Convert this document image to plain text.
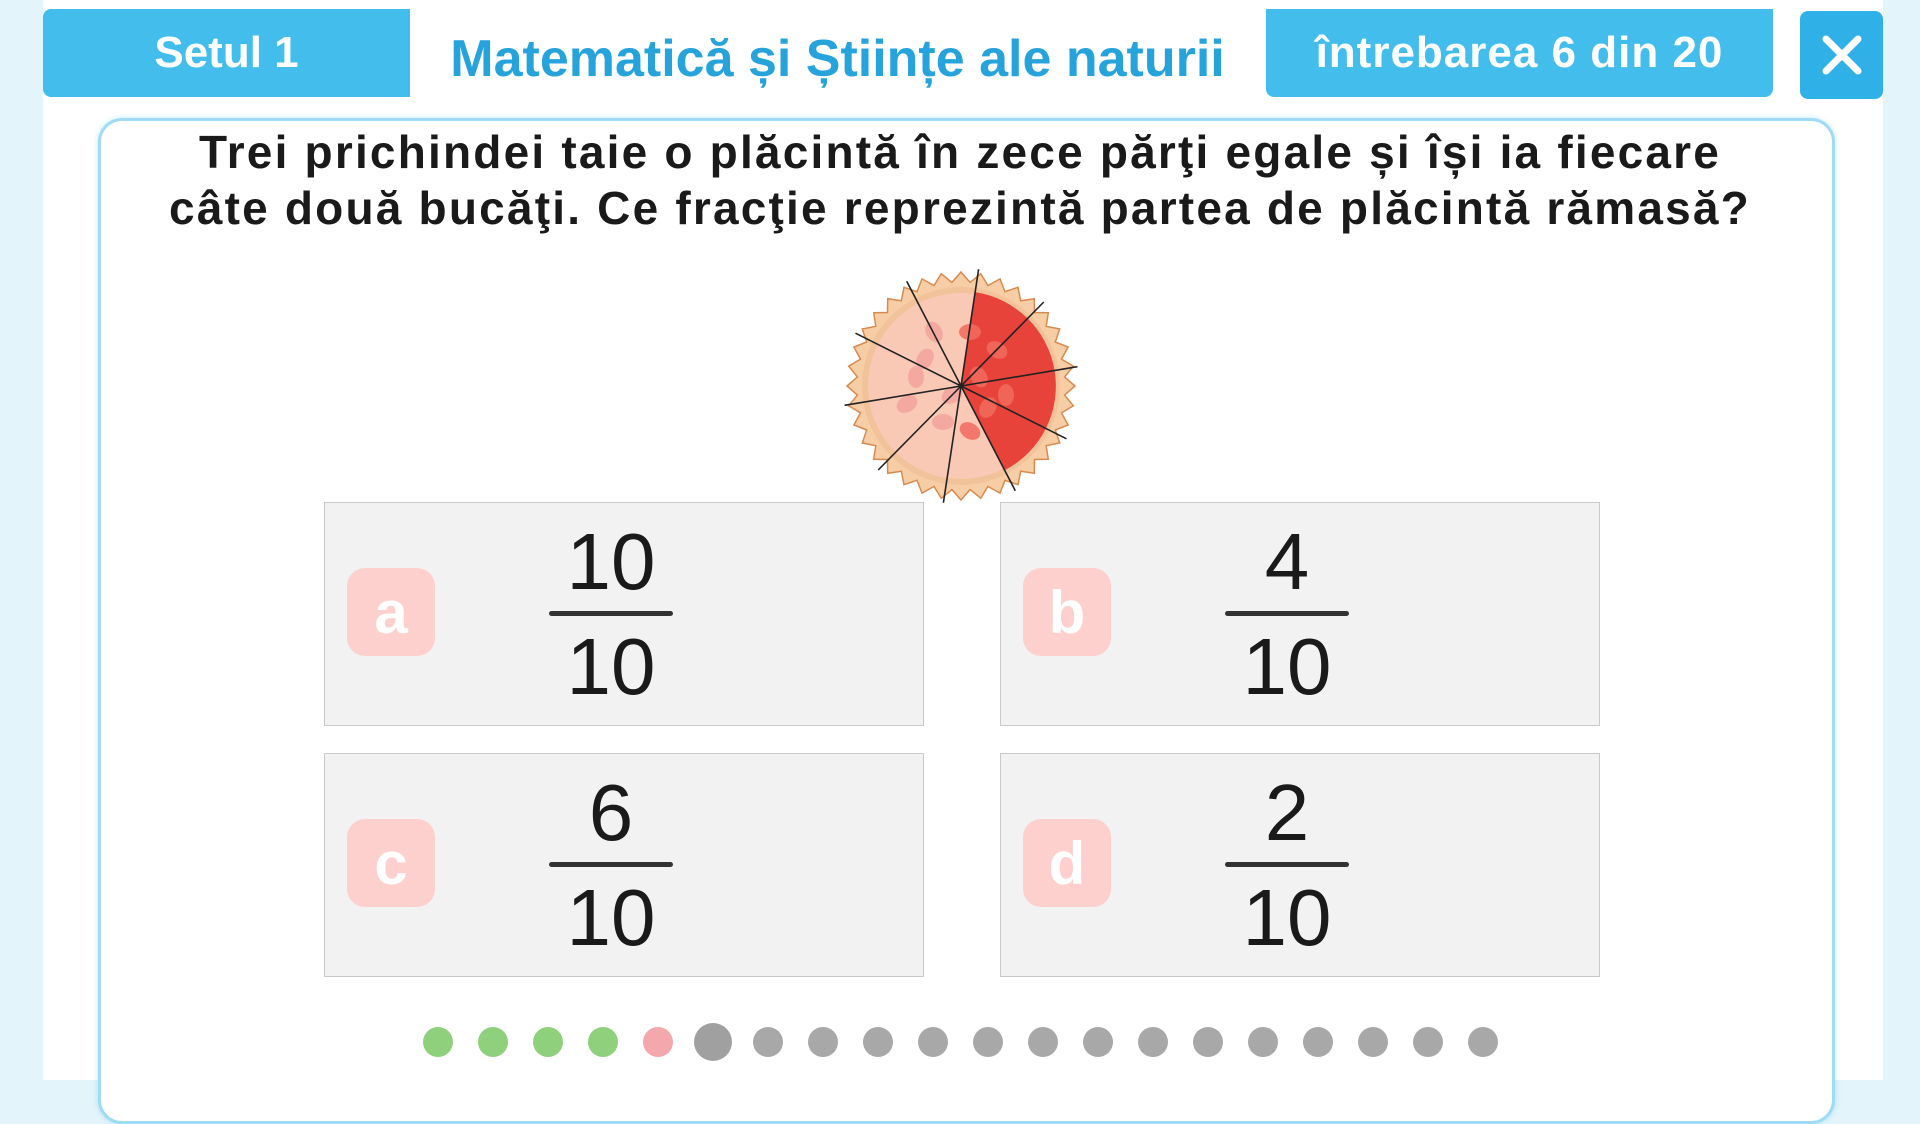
Setul 1	Matematică și Științe ale naturii	întrebarea 6 din 20
Trei prichindei taie o plăcintă în zece părţi egale și își ia fiecare
câte două bucăţi. Ce fracţie reprezintă partea de plăcintă rămasă?
a
10
10
b
4
10
c
6
10
d
2
10
